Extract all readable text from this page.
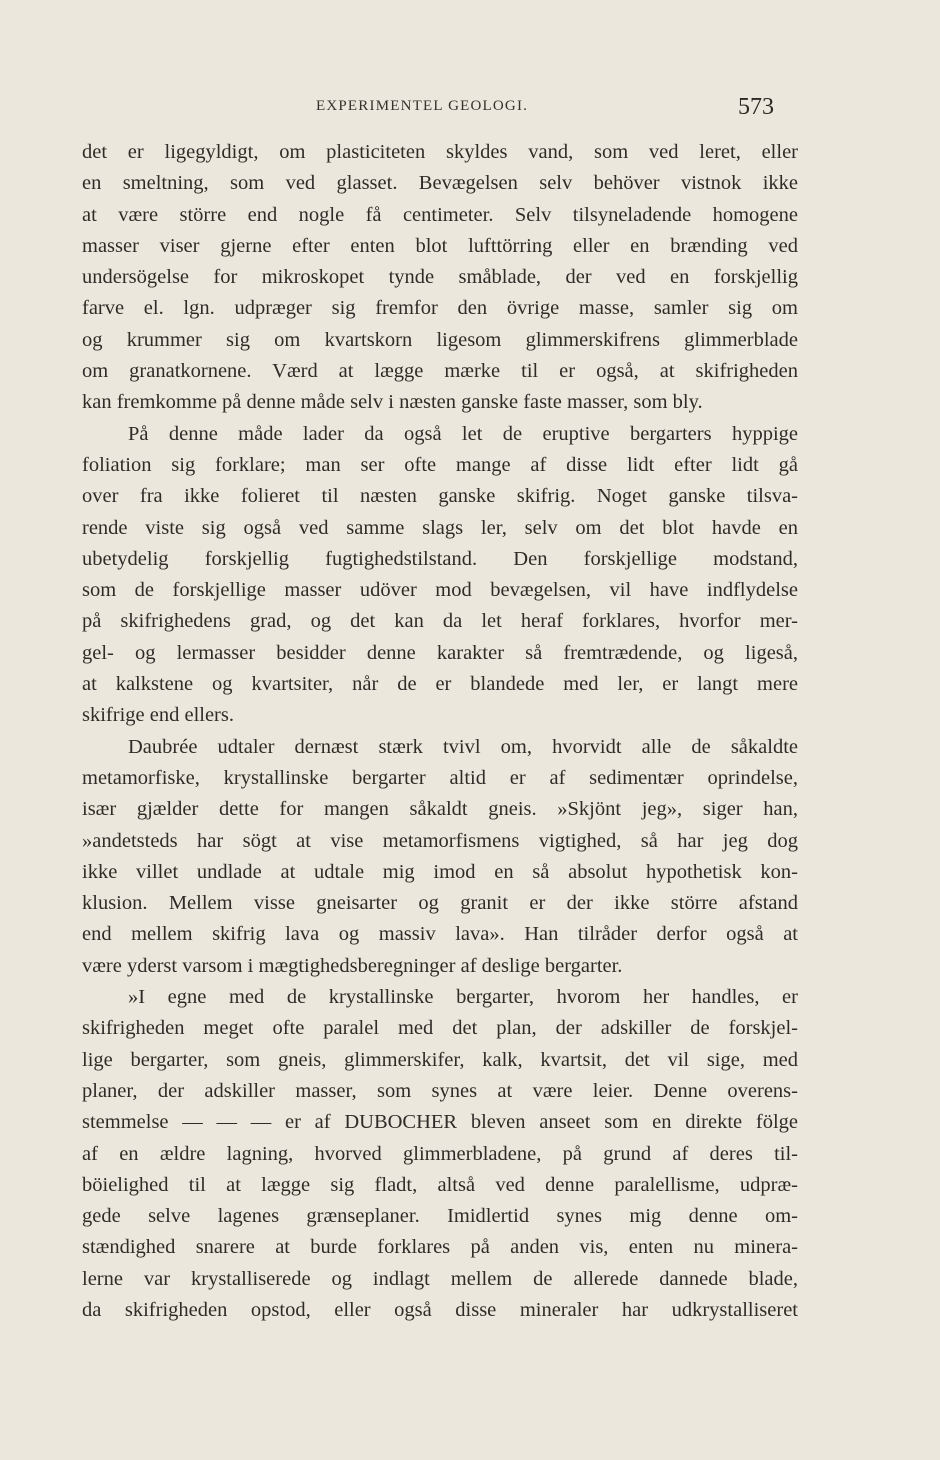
EXPERIMENTEL GEOLOGI.	573
det er ligegyldigt, om plasticiteten skyldes vand, som ved leret, eller
en smeltning, som ved glasset. Bevægelsen selv behöver vistnok ikke
at være större end nogle få centimeter. Selv tilsyneladende homogene
masser viser gjerne efter enten blot lufttörring eller en brænding ved
undersögelse for mikroskopet tynde småblade, der ved en forskjellig
farve el. lgn. udpræger sig fremfor den övrige masse, samler sig om
og krummer sig om kvartskorn ligesom glimmerskifrens glimmerblade
om granatkornene. Værd at lægge mærke til er også, at skifrigheden
kan fremkomme på denne måde selv i næsten ganske faste masser, som bly.
På denne måde lader da også let de eruptive bergarters hyppige
foliation sig forklare; man ser ofte mange af disse lidt efter lidt gå
over fra ikke folieret til næsten ganske skifrig. Noget ganske tilsva-
rende viste sig også ved samme slags ler, selv om det blot havde en
ubetydelig forskjellig fugtighedstilstand. Den forskjellige modstand,
som de forskjellige masser udöver mod bevægelsen, vil have indflydelse
på skifrighedens grad, og det kan da let heraf forklares, hvorfor mer-
gel- og lermasser besidder denne karakter så fremtrædende, og ligeså,
at kalkstene og kvartsiter, når de er blandede med ler, er langt mere
skifrige end ellers.
Daubrée udtaler dernæst stærk tvivl om, hvorvidt alle de såkaldte
metamorfiske, krystallinske bergarter altid er af sedimentær oprindelse,
især gjælder dette for mangen såkaldt gneis. »Skjönt jeg», siger han,
»andetsteds har sögt at vise metamorfismens vigtighed, så har jeg dog
ikke villet undlade at udtale mig imod en så absolut hypothetisk kon-
klusion. Mellem visse gneisarter og granit er der ikke större afstand
end mellem skifrig lava og massiv lava». Han tilråder derfor også at
være yderst varsom i mægtighedsberegninger af deslige bergarter.
»I egne med de krystallinske bergarter, hvorom her handles, er
skifrigheden meget ofte paralel med det plan, der adskiller de forskjel-
lige bergarter, som gneis, glimmerskifer, kalk, kvartsit, det vil sige, med
planer, der adskiller masser, som synes at være leier. Denne overens-
stemmelse — — — er af DUBOCHER bleven anseet som en direkte fölge
af en ældre lagning, hvorved glimmerbladene, på grund af deres til-
böielighed til at lægge sig fladt, altså ved denne paralellisme, udpræ-
gede selve lagenes grænseplaner. Imidlertid synes mig denne om-
stændighed snarere at burde forklares på anden vis, enten nu minera-
lerne var krystalliserede og indlagt mellem de allerede dannede blade,
da skifrigheden opstod, eller også disse mineraler har udkrystalliseret
